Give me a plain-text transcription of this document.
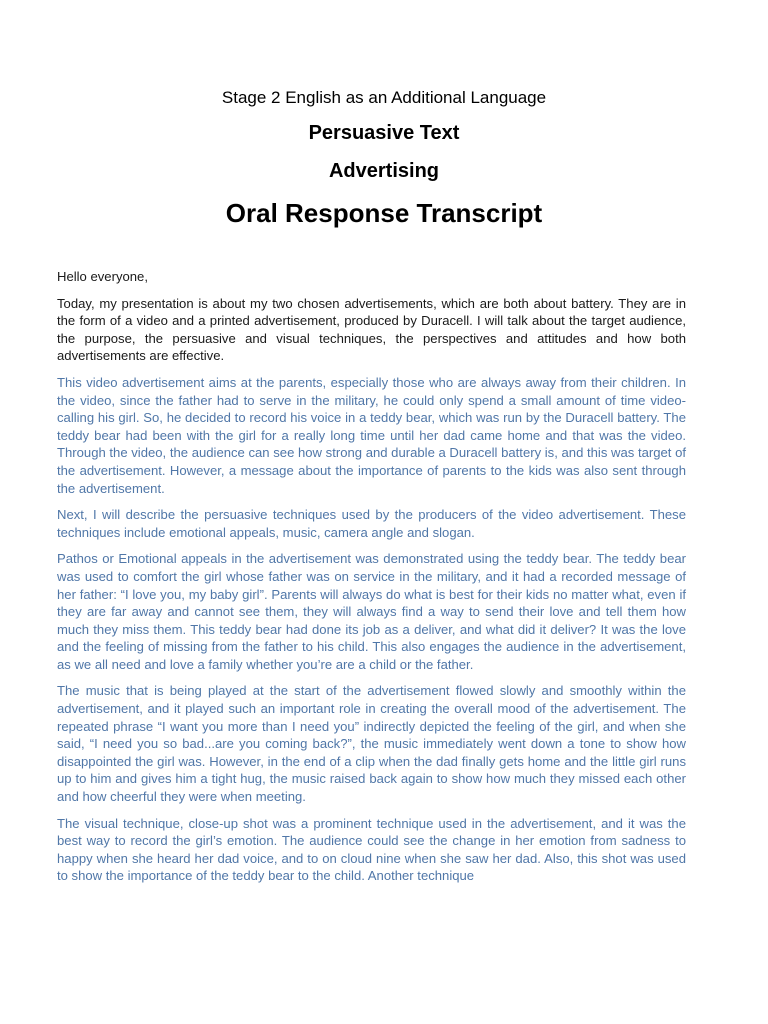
Stage 2 English as an Additional Language
Persuasive Text
Advertising
Oral Response Transcript

Hello everyone,

Today, my presentation is about my two chosen advertisements, which are both about battery. They are in the form of a video and a printed advertisement, produced by Duracell. I will talk about the target audience, the purpose, the persuasive and visual techniques, the perspectives and attitudes and how both advertisements are effective.

This video advertisement aims at the parents, especially those who are always away from their children. In the video, since the father had to serve in the military, he could only spend a small amount of time video-calling his girl. So, he decided to record his voice in a teddy bear, which was run by the Duracell battery. The teddy bear had been with the girl for a really long time until her dad came home and that was the video. Through the video, the audience can see how strong and durable a Duracell battery is, and this was target of the advertisement. However, a message about the importance of parents to the kids was also sent through the advertisement.

Next, I will describe the persuasive techniques used by the producers of the video advertisement. These techniques include emotional appeals, music, camera angle and slogan.

Pathos or Emotional appeals in the advertisement was demonstrated using the teddy bear. The teddy bear was used to comfort the girl whose father was on service in the military, and it had a recorded message of her father: “I love you, my baby girl”. Parents will always do what is best for their kids no matter what, even if they are far away and cannot see them, they will always find a way to send their love and tell them how much they miss them. This teddy bear had done its job as a deliver, and what did it deliver? It was the love and the feeling of missing from the father to his child. This also engages the audience in the advertisement, as we all need and love a family whether you’re are a child or the father.

The music that is being played at the start of the advertisement flowed slowly and smoothly within the advertisement, and it played such an important role in creating the overall mood of the advertisement. The repeated phrase “I want you more than I need you” indirectly depicted the feeling of the girl, and when she said, “I need you so bad...are you coming back?”, the music immediately went down a tone to show how disappointed the girl was. However, in the end of a clip when the dad finally gets home and the little girl runs up to him and gives him a tight hug, the music raised back again to show how much they missed each other and how cheerful they were when meeting.

The visual technique, close-up shot was a prominent technique used in the advertisement, and it was the best way to record the girl’s emotion. The audience could see the change in her emotion from sadness to happy when she heard her dad voice, and to on cloud nine when she saw her dad. Also, this shot was used to show the importance of the teddy bear to the child. Another technique
